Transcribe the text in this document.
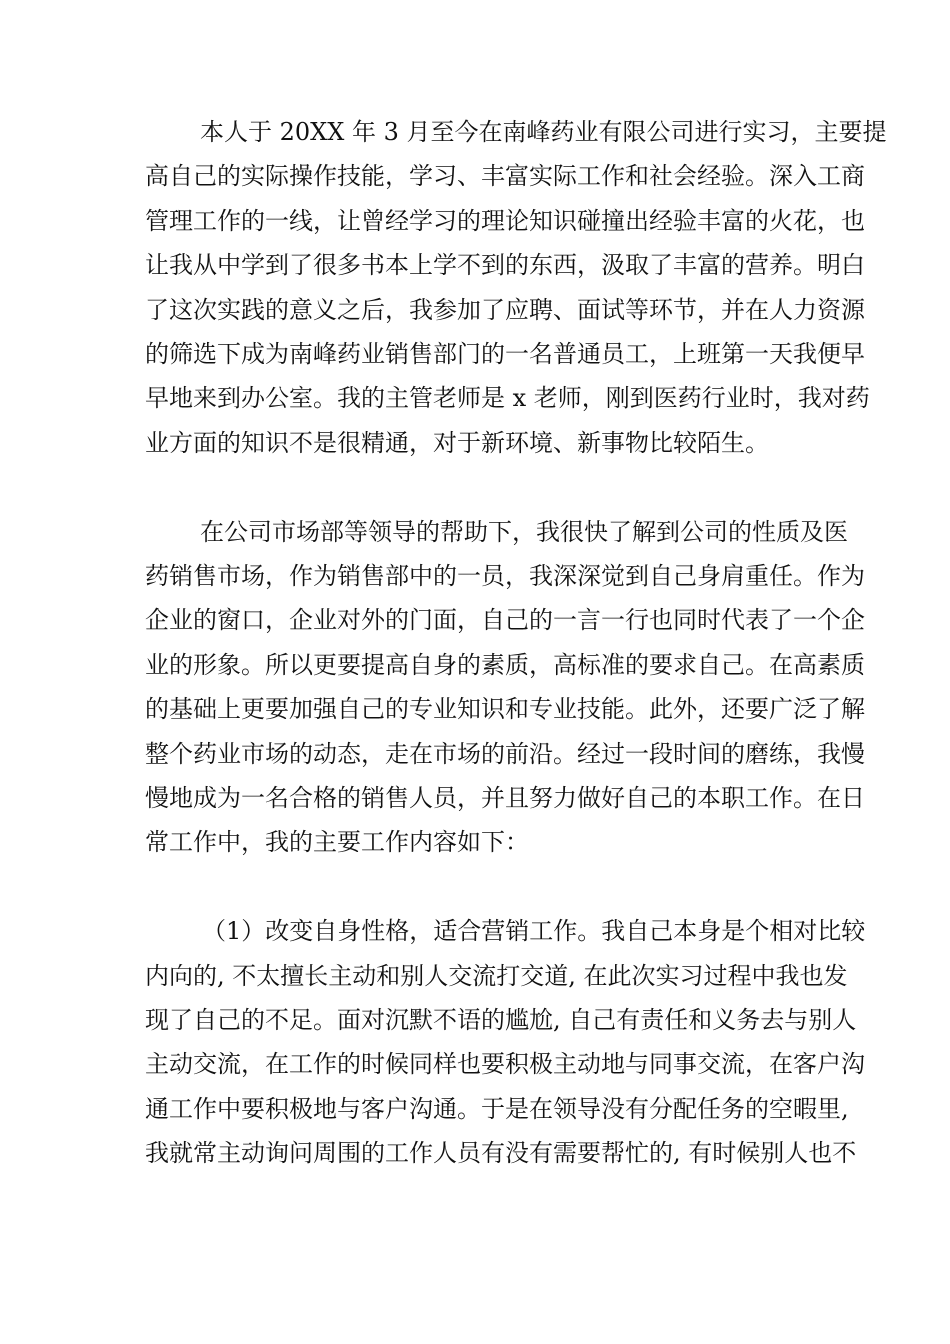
本人于 20XX 年 3 月至今在南峰药业有限公司进行实习，主要提
高自己的实际操作技能，学习、丰富实际工作和社会经验。深入工商
管理工作的一线，让曾经学习的理论知识碰撞出经验丰富的火花，也
让我从中学到了很多书本上学不到的东西，汲取了丰富的营养。明白
了这次实践的意义之后，我参加了应聘、面试等环节，并在人力资源
的筛选下成为南峰药业销售部门的一名普通员工，上班第一天我便早
早地来到办公室。我的主管老师是 x 老师，刚到医药行业时，我对药
业方面的知识不是很精通，对于新环境、新事物比较陌生。
在公司市场部等领导的帮助下，我很快了解到公司的性质及医
药销售市场，作为销售部中的一员，我深深觉到自己身肩重任。作为
企业的窗口，企业对外的门面，自己的一言一行也同时代表了一个企
业的形象。所以更要提高自身的素质，高标准的要求自己。在高素质
的基础上更要加强自己的专业知识和专业技能。此外，还要广泛了解
整个药业市场的动态，走在市场的前沿。经过一段时间的磨练，我慢
慢地成为一名合格的销售人员，并且努力做好自己的本职工作。在日
常工作中，我的主要工作内容如下：
（1）改变自身性格，适合营销工作。我自己本身是个相对比较
内向的, 不太擅长主动和别人交流打交道, 在此次实习过程中我也发
现了自己的不足。面对沉默不语的尴尬, 自己有责任和义务去与别人
主动交流，在工作的时候同样也要积极主动地与同事交流，在客户沟
通工作中要积极地与客户沟通。于是在领导没有分配任务的空暇里,
我就常主动询问周围的工作人员有没有需要帮忙的, 有时候别人也不
